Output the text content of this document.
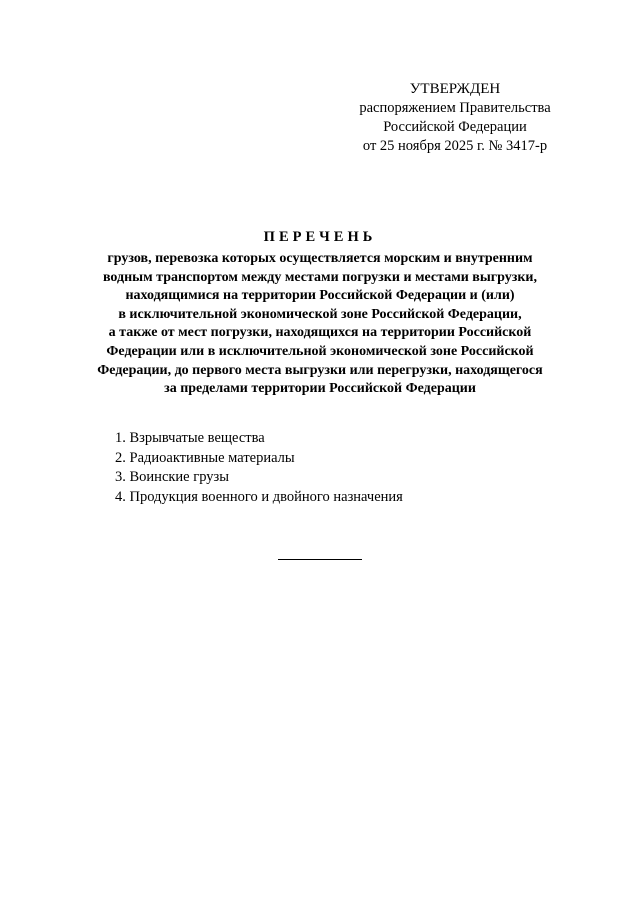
УТВЕРЖДЕН
распоряжением Правительства
Российской Федерации
от 25 ноября 2025 г. № 3417-р
ПЕРЕЧЕНЬ
грузов, перевозка которых осуществляется морским и внутренним
водным транспортом между местами погрузки и местами выгрузки,
находящимися на территории Российской Федерации и (или)
в исключительной экономической зоне Российской Федерации,
а также от мест погрузки, находящихся на территории Российской
Федерации или в исключительной экономической зоне Российской
Федерации, до первого места выгрузки или перегрузки, находящегося
за пределами территории Российской Федерации
1. Взрывчатые вещества
2. Радиоактивные материалы
3. Воинские грузы
4. Продукция военного и двойного назначения
